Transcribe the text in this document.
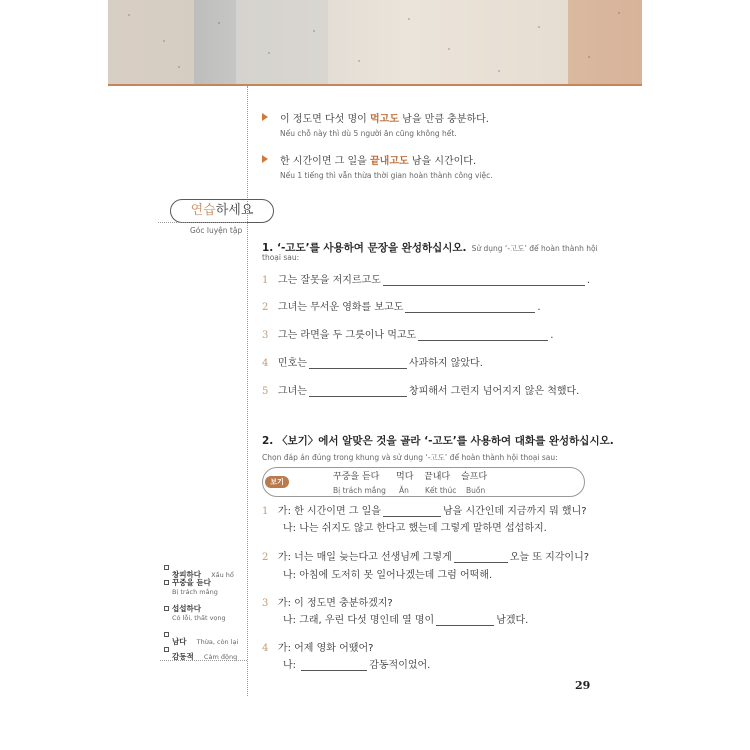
이 정도면 다섯 명이 먹고도 남을 만큼 충분하다.
Nếu chỗ này thì dù 5 người ăn cũng không hết.
한 시간이면 그 일을 끝내고도 남을 시간이다.
Nếu 1 tiếng thì vẫn thừa thời gian hoàn thành công việc.
연습하세요
Góc luyện tập
1. ‘-고도’를 사용하여 문장을 완성하십시오. Sử dụng ‘-고도’ để hoàn thành hội
thoại sau:
1 그는 잘못을 저지르고도	.
2 그녀는 무서운 영화를 보고도	.
3 그는 라면을 두 그릇이나 먹고도	.
4 민호는	사과하지 않았다.
5 그녀는	창피해서 그런지 넘어지지 않은 척했다.
2. 〈보기〉에서 알맞은 것을 골라 ‘-고도’를 사용하여 대화를 완성하십시오.
Chọn đáp án đúng trong khung và sử dụng ‘-고도’ để hoàn thành hội thoại sau:
보기	꾸중을 듣다
Bị trách mắng
먹다
Ăn
끝내다
Kết thúc
슬프다
Buồn
1 가: 한 시간이면 그 일을	남을 시간인데 지금까지 뭐 했니?
나: 나는 쉬지도 않고 한다고 했는데 그렇게 말하면 섭섭하지.
2 가: 너는 매일 늦는다고 선생님께 그렇게	오늘 또 지각이니?
나: 아침에 도저히 못 일어나겠는데 그럼 어떡해.
3 가: 이 정도면 충분하겠지?
나: 그래, 우린 다섯 명인데 열 명이	남겠다.
4 가: 어제 영화 어땠어?
나:	감동적이었어.
창피하다 Xấu hổ
꾸중을 듣다
Bị trách mắng
섭섭하다
Có lỗi, thất vọng
남다 Thừa, còn lại
감동적 Cảm động
29
